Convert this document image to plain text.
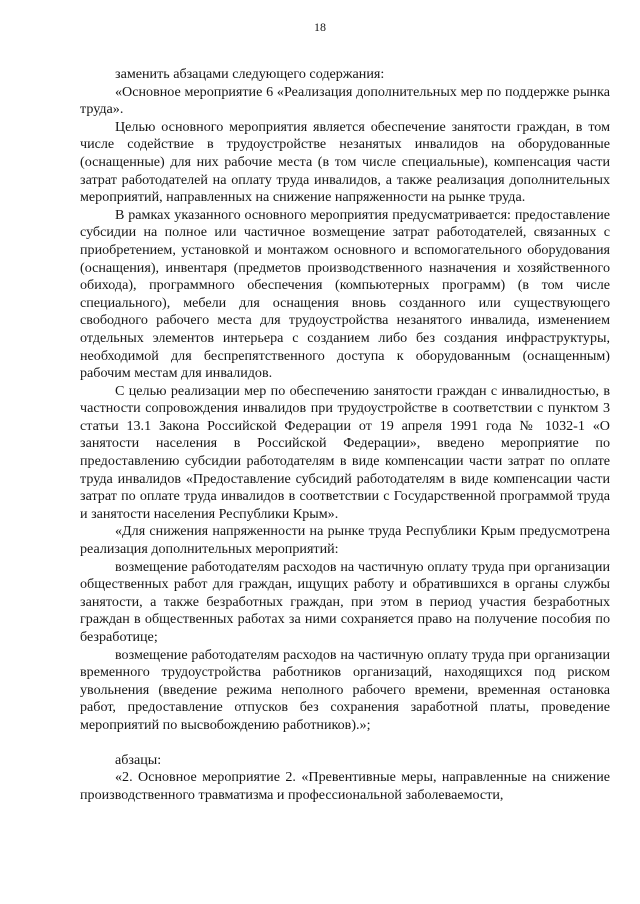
18

заменить абзацами следующего содержания:

«Основное мероприятие 6 «Реализация дополнительных мер по поддержке рынка труда».

Целью основного мероприятия является обеспечение занятости граждан, в том числе содействие в трудоустройстве незанятых инвалидов на оборудованные (оснащенные) для них рабочие места (в том числе специальные), компенсация части затрат работодателей на оплату труда инвалидов, а также реализация дополнительных мероприятий, направленных на снижение напряженности на рынке труда.

В рамках указанного основного мероприятия предусматривается: предоставление субсидии на полное или частичное возмещение затрат работодателей, связанных с приобретением, установкой и монтажом основного и вспомогательного оборудования (оснащения), инвентаря (предметов производственного назначения и хозяйственного обихода), программного обеспечения (компьютерных программ) (в том числе специального), мебели для оснащения вновь созданного или существующего свободного рабочего места для трудоустройства незанятого инвалида, изменением отдельных элементов интерьера с созданием либо без создания инфраструктуры, необходимой для беспрепятственного доступа к оборудованным (оснащенным) рабочим местам для инвалидов.

С целью реализации мер по обеспечению занятости граждан с инвалидностью, в частности сопровождения инвалидов при трудоустройстве в соответствии с пунктом 3 статьи 13.1 Закона Российской Федерации от 19 апреля 1991 года № 1032-1 «О занятости населения в Российской Федерации», введено мероприятие по предоставлению субсидии работодателям в виде компенсации части затрат по оплате труда инвалидов «Предоставление субсидий работодателям в виде компенсации части затрат по оплате труда инвалидов в соответствии с Государственной программой труда и занятости населения Республики Крым».

«Для снижения напряженности на рынке труда Республики Крым предусмотрена реализация дополнительных мероприятий:

возмещение работодателям расходов на частичную оплату труда при организации общественных работ для граждан, ищущих работу и обратившихся в органы службы занятости, а также безработных граждан, при этом в период участия безработных граждан в общественных работах за ними сохраняется право на получение пособия по безработице;

возмещение работодателям расходов на частичную оплату труда при организации временного трудоустройства работников организаций, находящихся под риском увольнения (введение режима неполного рабочего времени, временная остановка работ, предоставление отпусков без сохранения заработной платы, проведение мероприятий по высвобождению работников).»;

абзацы:

«2. Основное мероприятие 2. «Превентивные меры, направленные на снижение производственного травматизма и профессиональной заболеваемости,
